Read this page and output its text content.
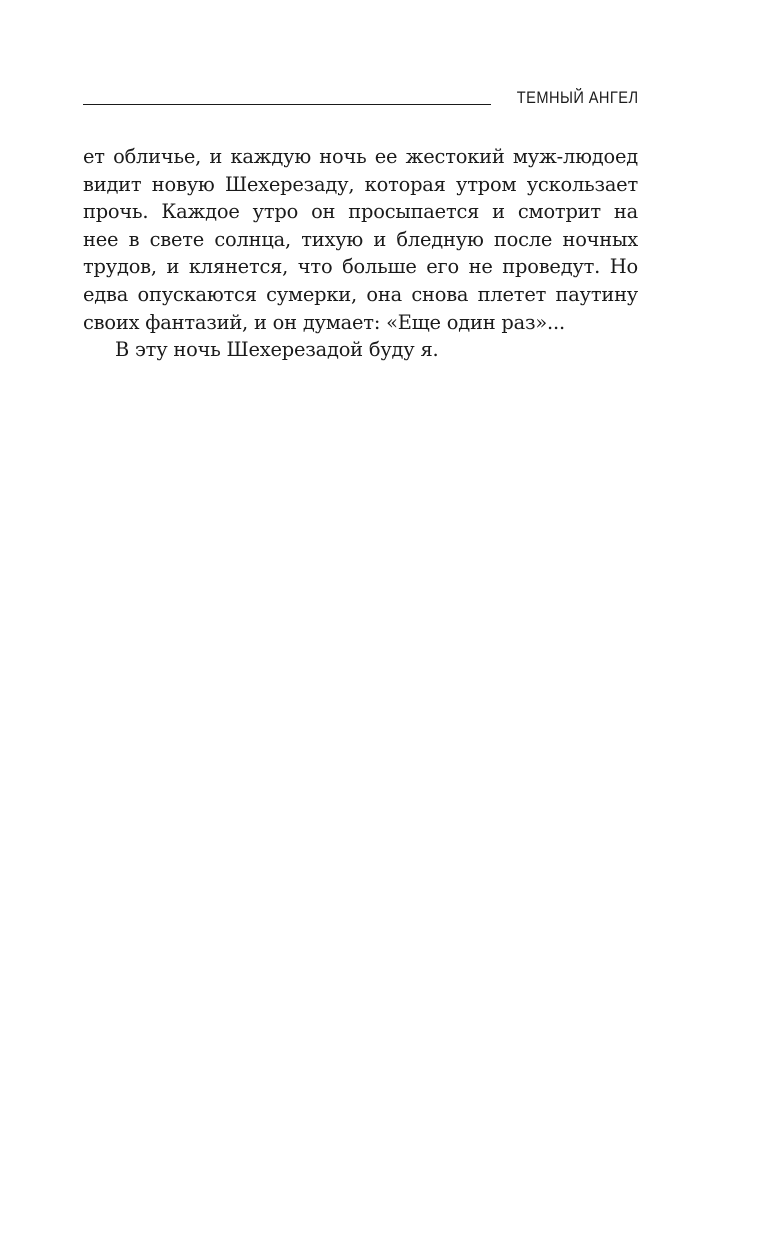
ТЕМНЫЙ АНГЕЛ
ет обличье, и каждую ночь ее жестокий муж-людоед
видит новую Шехерезаду, которая утром ускользает
прочь. Каждое утро он просыпается и смотрит на
нее в свете солнца, тихую и бледную после ночных
трудов, и клянется, что больше его не проведут. Но
едва опускаются сумерки, она снова плетет паутину
своих фантазий, и он думает: «Еще один раз»...
В эту ночь Шехерезадой буду я.
